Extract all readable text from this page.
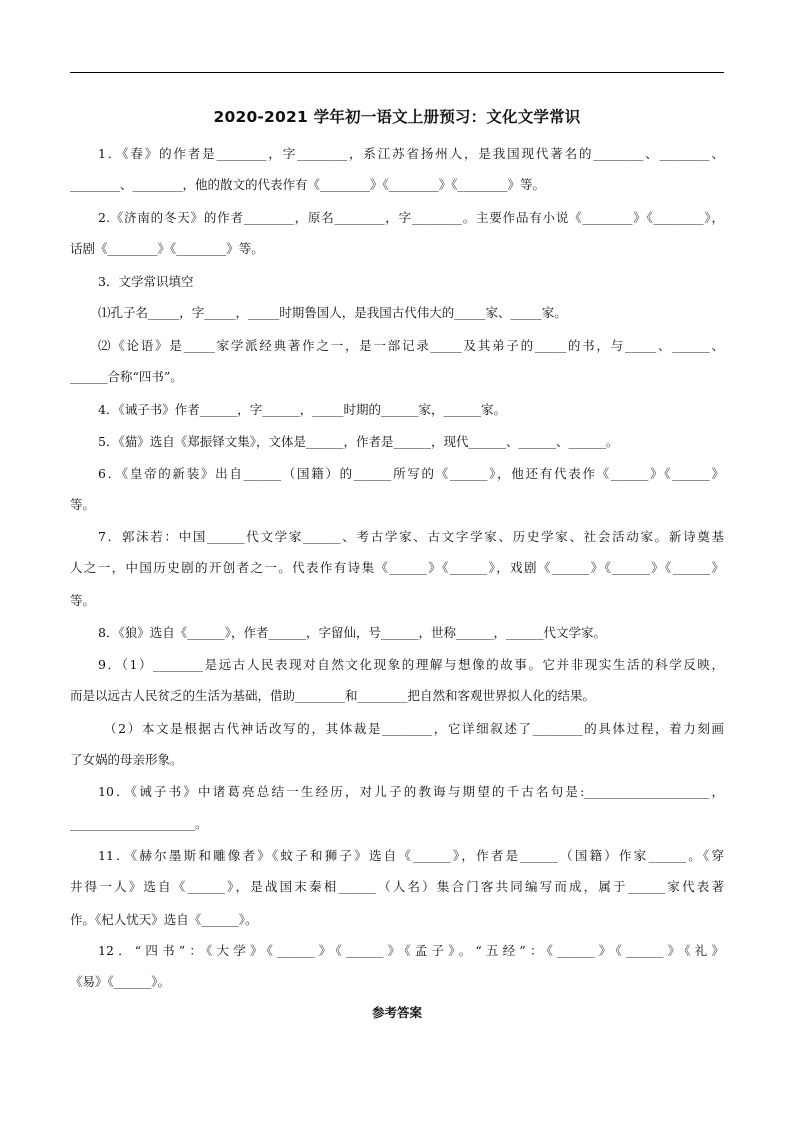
2020-2021 学年初一语文上册预习：文化文学常识
1．《春》的作者是________，字________，系江苏省扬州人，是我国现代著名的________、________、
________、________，他的散文的代表作有《________》《________》《________》等。
2.《济南的冬天》的作者________，原名________，字________。主要作品有小说《________》《________》，
话剧《________》《________》等。
3．文学常识填空
⑴孔子名_____，字_____，_____时期鲁国人，是我国古代伟大的_____家、_____家。
⑵《论语》是_____家学派经典著作之一，是一部记录_____及其弟子的_____的书，与_____、______、
______合称“四书”。
4．《诫子书》作者______，字______，_____时期的______家，______家。
5．《猫》选自《郑振铎文集》，文体是______，作者是______，现代______、______、______。
6．《皇帝的新装》出自______（国籍）的______所写的《______》，他还有代表作《______》《______》
等。
7．郭沫若：中国______代文学家______、考古学家、古文字学家、历史学家、社会活动家。新诗奠基
人之一，中国历史剧的开创者之一。代表作有诗集《______》《______》，戏剧《______》《______》《______》
等。
8．《狼》选自《______》，作者______，字留仙，号______，世称______，______代文学家。
9．（1）________是远古人民表现对自然文化现象的理解与想像的故事。它并非现实生活的科学反映，
而是以远古人民贫乏的生活为基础，借助________和________把自然和客观世界拟人化的结果。
（2）本文是根据古代神话改写的，其体裁是________，它详细叙述了________的具体过程，着力刻画
了女娲的母亲形象。
10．《诫子书》中诸葛亮总结一生经历，对儿子的教诲与期望的千古名句是:____________________，
____________________。
11．《赫尔墨斯和雕像者》《蚊子和狮子》选自《______》，作者是______（国籍）作家______。《穿
井得一人》选自《______》，是战国末秦相______（人名）集合门客共同编写而成，属于______家代表著
作。《杞人忧天》选自《______》。
12．“四书”：《大学》《______》《______》《孟子》。“五经”：《______》《______》《礼》
《易》《______》。
参考答案
